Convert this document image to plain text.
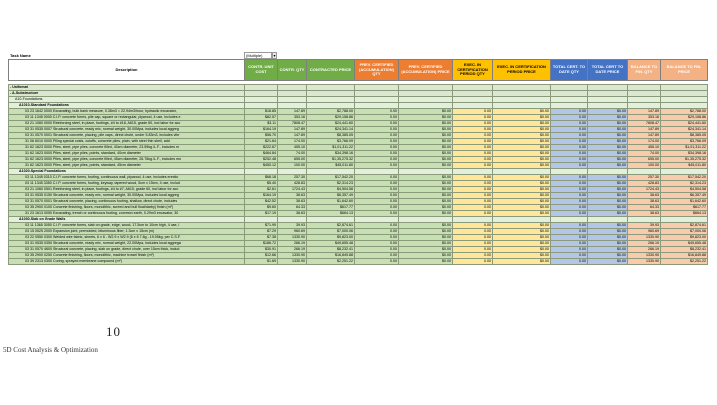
Task Name	(Multiple)	▾
Description	CONTR. UNIT COST	CONTR. QTY	CONTRACTED PRICE	PREV. CERTIFIED (ACCUMULATION) QTY	PREV. CERTIFIED (ACCUMULATION) PRICE	EXEC. IN CERTIFICATION PERIOD QTY	EXEC. IN CERTIFICATION PERIOD PRICE	TOTAL CERT. TO DATE QTY	TOTAL CERT TO DATE PRICE	BALANCE TO FIN. QTY	BALANCE TO FIN. PRICE

- Unifomat											
- A-Substructure											
A10-Foundations											
A1010-Standard Foundations											
03 23 1642 0000 Excavating, bulk bank measure, 0.38m3 = 22.94m3/hour, hydraulic excavator,	$18.85	147.89	$2,788.00	0.00	$0.00	0.00	$0.00	0.00	$0.00	147.89	$2,788.00
03 11 1345 0000 C.I.P. concrete forms, pile cap, square or rectangular, plywood, 4 use, includes e	$82.57	353.16	$29,158.86	0.00	$0.00	0.00	$0.00	0.00	$0.00	353.16	$29,158.86
03 21 1060 0000 Reinforcing steel, in place, footings, #4 to #18, A615, grade 60, incl labor for acc	$3.11	7808.47	$24,441.60	0.00	$0.00	0.00	$0.00	0.00	$0.00	7808.47	$24,441.60
03 31 0535 0007 Structural concrete, ready mix, normal weight, 30.00Mpa, includes local aggreg	$164.19	147.89	$24,341.14	0.00	$0.00	0.00	$0.00	0.00	$0.00	147.89	$24,341.14
03 31 0570 0001 Structural concrete, placing, pile caps, direct chute, under 5.83m3, includes vibr	$56.70	147.89	$8,385.05	0.00	$0.00	0.00	$0.00	0.00	$0.00	147.89	$8,385.05
31 06 6010 0000 Piling special costs, cutoffs, concrete piles, plain, with steel thin shell, add	$21.64	174.00	$3,766.09	0.00	$0.00	0.00	$0.00	0.00	$0.00	174.00	$3,766.09
31 62 1623 0000 Piles, steel, pipe piles, concrete filled, 40cm diameter, 23.59kg./L.F., includes m	$222.67	455.10	$1,01,311.22	0.00	$0.00	0.00	$0.00	0.00	$0.00	455.10	$1,01,311.22
31 62 1623 0000 Piles, steel, pipe piles, points, standard, 40cm diameter	$464.84	74.00	$34,398.16	0.00	$0.00	0.00	$0.00	0.00	$0.00	74.00	$34,398.16
31 62 1623 0000 Piles, steel, pipe piles, concrete filled, 45cm diameter, 26.76kg./L.F., includes mo	$252.48	655.00	$1,35,275.32	0.00	$0.00	0.00	$0.00	0.00	$0.00	655.00	$1,35,275.32
31 62 1623 0000 Piles, steel, pipe piles, points, standard, 45cm diameter	$450.12	100.00	$45,011.80	0.00	$0.00	0.00	$0.00	0.00	$0.00	100.00	$45,011.80
A1020-Special Foundations											
03 11 1345 0310 C.I.P. concrete forms, footing, continuous wall, plywood, 4 use, includes erectio	$68.18	257.30	$17,542.20	0.00	$0.00	0.00	$0.00	0.00	$0.00	257.30	$17,542.20
03 11 1345 3350 C.I.P. concrete forms, footing, keyway, tapered wood, 5cm x 15cm, 4 use, includ	$5.40	428.83	$2,314.23	0.00	$0.00	0.00	$0.00	0.00	$0.00	428.83	$2,314.23
03 21 1060 0501 Reinforcing steel, in place, footings, #4 to #7, A615, grade 60, incl labor for acc	$2.61	1724.43	$4,504.58	0.00	$0.00	0.00	$0.00	0.00	$0.00	1724.43	$4,504.58
03 31 0535 0150 Structural concrete, ready mix, normal weight, 30.00Mpa, includes local aggreg	$164.19	38.63	$6,357.49	0.00	$0.00	0.00	$0.00	0.00	$0.00	38.63	$6,357.49
03 31 0570 0001 Structural concrete, placing, continuous footing, shallow, direct chute, includes	$42.52	38.63	$1,642.60	0.00	$0.00	0.00	$0.00	0.00	$0.00	38.63	$1,642.60
03 35 2900 0100 Concrete finishing, floors, monolithic, screed and bull float/darby) finish (m²)	$9.60	64.33	$617.77	0.00	$0.00	0.00	$0.00	0.00	$0.00	64.33	$617.77
31 23 1613 0050 Excavating, trench or continuous footing, common earth, 0.29m3 excavator, 30	$17.19	38.63	$664.13	0.00	$0.00	0.00	$0.00	0.00	$0.00	38.63	$664.13
A1030-Slab on Grade Walls											
03 11 1365 3050 C.I.P. concrete forms, slab on grade, edge, wood, 17.5cm to 10cm high, 4 use, i	$71.99	39.93	$2,874.61	0.00	$0.00	0.00	$0.00	0.00	$0.00	39.93	$2,874.61
03 15 0525 2000 Expansion joint, premolded, bituminous fiber, 1.3cm x 15cm (m)	$7.29	960.69	$7,000.06	0.00	$0.00	0.00	$0.00	0.00	$0.00	960.69	$7,000.06
03 22 0550 0300 Welded wire fabric, sheets, 6 x 6 - W2.9 x W2.9 (6 x 6 7.8g - 19.05kg. per C.S.F.	$7.38	1330.90	$9,823.00	0.00	$0.00	0.00	$0.00	0.00	$0.00	1330.90	$9,823.00
03 31 0535 0350 Structural concrete, ready mix, normal weight, 22.00Mpa, includes local aggrega	$186.72	266.19	$49,655.48	0.00	$0.00	0.00	$0.00	0.00	$0.00	266.19	$49,655.48
03 31 0570 4600 Structural concrete, placing, slab on grade, direct chute, over 15cm thick, includ	$30.91	266.19	$8,232.41	0.00	$0.00	0.00	$0.00	0.00	$0.00	266.19	$8,232.41
03 35 2900 0250 Concrete finishing, floors, monolithic, machine trowel finish (m²)	$12.66	1330.90	$16,849.88	0.00	$0.00	0.00	$0.00	0.00	$0.00	1330.90	$16,849.88
03 39 2313 0300 Curing, sprayed membrane compound (m²)	$1.69	1330.90	$2,251.22	0.00	$0.00	0.00	$0.00	0.00	$0.00	1330.90	$2,251.22
10
5D Cost Analysis & Optimization
